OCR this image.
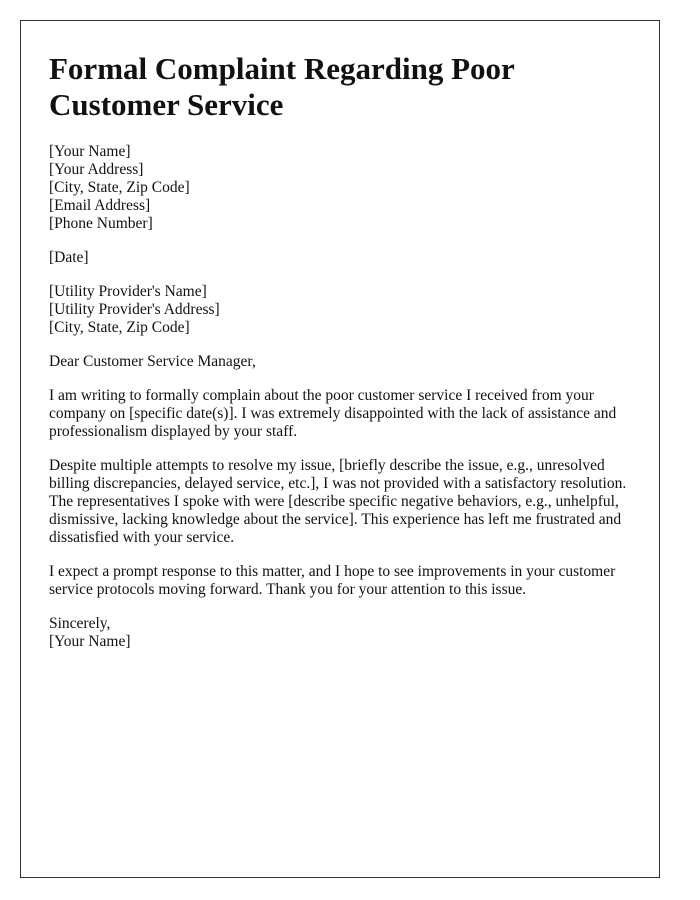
Formal Complaint Regarding Poor Customer Service
[Your Name]
[Your Address]
[City, State, Zip Code]
[Email Address]
[Phone Number]
[Date]
[Utility Provider's Name]
[Utility Provider's Address]
[City, State, Zip Code]

Dear Customer Service Manager,

I am writing to formally complain about the poor customer service I received from your company on [specific date(s)]. I was extremely disappointed with the lack of assistance and professionalism displayed by your staff.

Despite multiple attempts to resolve my issue, [briefly describe the issue, e.g., unresolved billing discrepancies, delayed service, etc.], I was not provided with a satisfactory resolution. The representatives I spoke with were [describe specific negative behaviors, e.g., unhelpful, dismissive, lacking knowledge about the service]. This experience has left me frustrated and dissatisfied with your service.

I expect a prompt response to this matter, and I hope to see improvements in your customer service protocols moving forward. Thank you for your attention to this issue.

Sincerely,
[Your Name]
